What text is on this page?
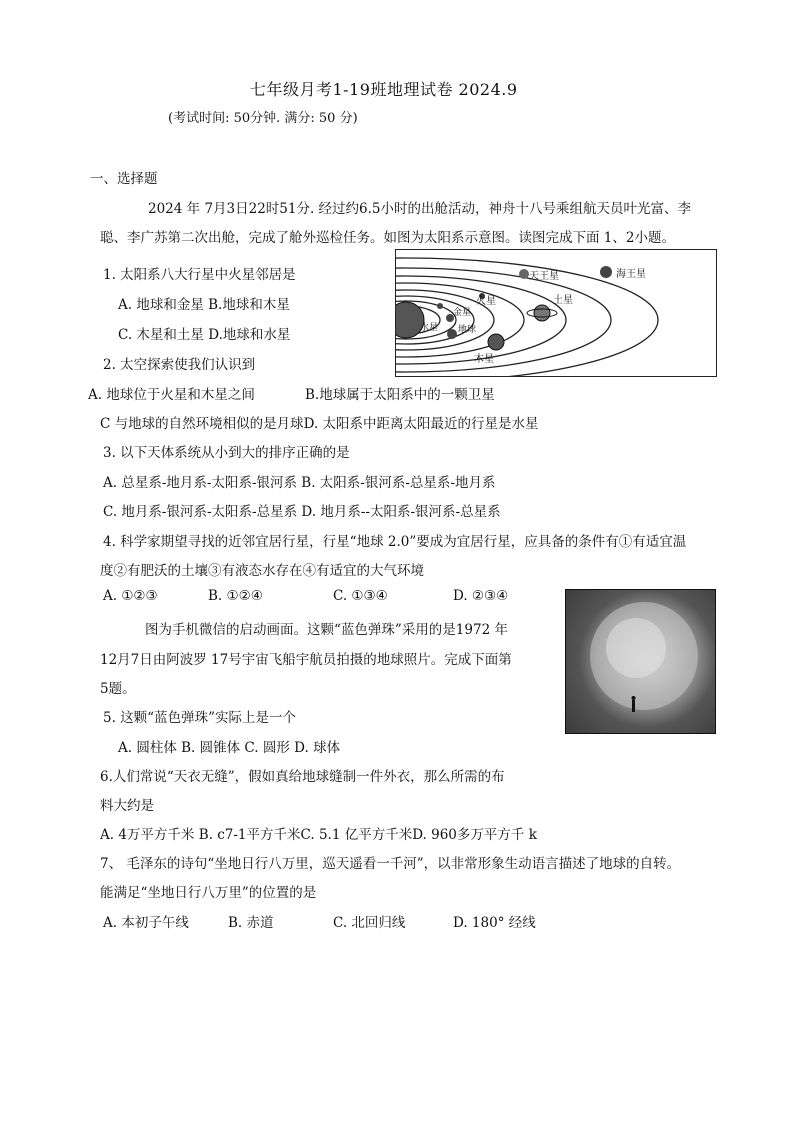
七年级月考1-19班地理试卷 2024.9
(考试时间: 50分钟. 满分: 50 分)
一、选择题
2024 年 7月3日22时51分. 经过约6.5小时的出舱活动，神舟十八号乘组航天员叶光富、李
聪、李广苏第二次出舱，完成了舱外巡检任务。如图为太阳系示意图。读图完成下面 1、2小题。
1. 太阳系八大行星中火星邻居是
A. 地球和金星 B.地球和木星
C. 木星和土星 D.地球和水星
天王星	海王星
火星	土星
金星
水星 地球
木星
2. 太空探索使我们认识到
A. 地球位于火星和木星之间	B.地球属于太阳系中的一颗卫星
C 与地球的自然环境相似的是月球D. 太阳系中距离太阳最近的行星是水星
3. 以下天体系统从小到大的排序正确的是
A. 总星系-地月系-太阳系-银河系 B. 太阳系-银河系-总星系-地月系
C. 地月系-银河系-太阳系-总星系 D. 地月系--太阳系-银河系-总星系
4. 科学家期望寻找的近邻宜居行星，行星“地球 2.0”要成为宜居行星，应具备的条件有①有适宜温
度②有肥沃的土壤③有液态水存在④有适宜的大气环境
A. ①②③	B. ①②④	C. ①③④	D. ②③④
图为手机微信的启动画面。这颗“蓝色弹珠”采用的是1972 年
12月7日由阿波罗 17号宇宙飞船宇航员拍摄的地球照片。完成下面第
5题。
5. 这颗“蓝色弹珠”实际上是一个
A. 圆柱体 B. 圆锥体 C. 圆形 D. 球体
6.人们常说“天衣无缝”，假如真给地球缝制一件外衣，那么所需的布
料大约是
A. 4万平方千米 B. c7-1平方千米C. 5.1 亿平方千米D. 960多万平方千 k
7、 毛泽东的诗句“坐地日行八万里，巡天遥看一千河”，以非常形象生动语言描述了地球的自转。
能满足“坐地日行八万里”的位置的是
A. 本初子午线	B. 赤道	C. 北回归线	D. 180° 经线
